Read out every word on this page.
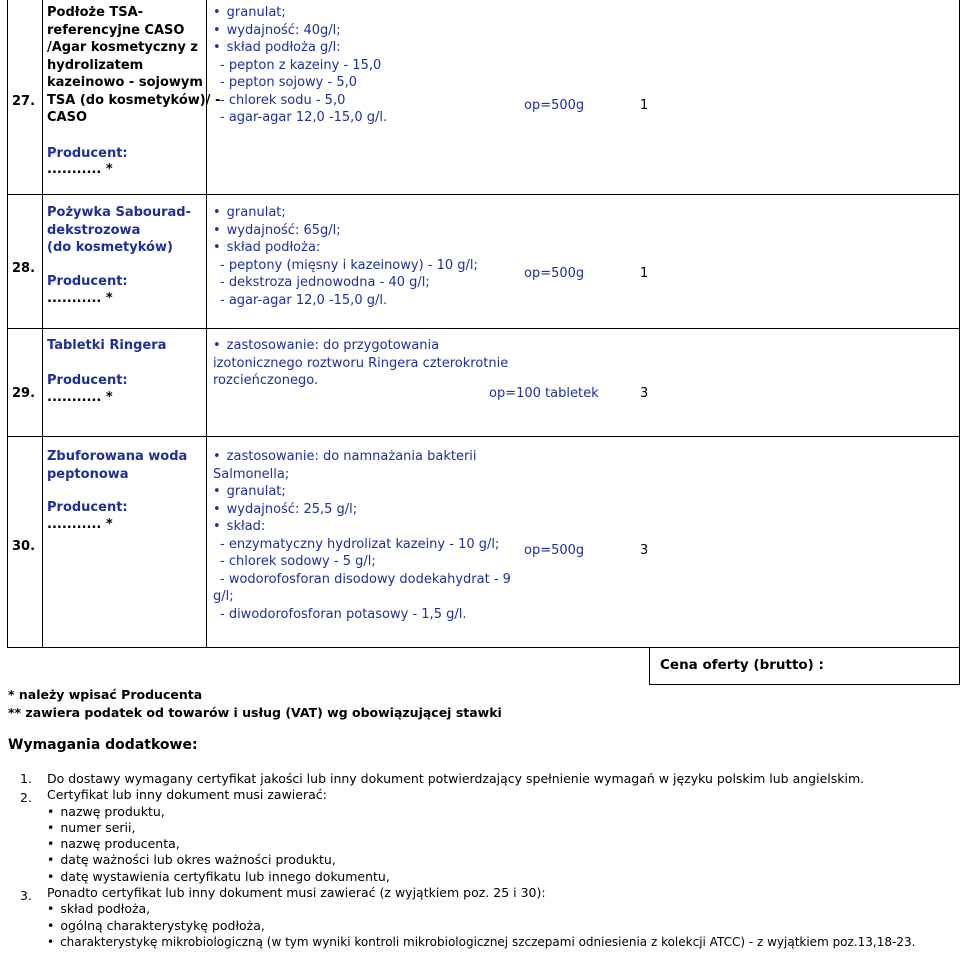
27.
Podłoże TSA-
referencyjne CASO
/Agar kosmetyczny z
hydrolizatem
kazeinowo - sojowym
TSA (do kosmetyków)/ -
CASO
Producent:
........... *
• granulat;
• wydajność: 40g/l;
• skład podłoża g/l:
- pepton z kazeiny - 15,0
- pepton sojowy - 5,0
- chlorek sodu - 5,0
- agar-agar 12,0 -15,0 g/l.
op=500g	1
28.
Pożywka Sabourad-
dekstrozowa
(do kosmetyków)
Producent:
........... *
• granulat;
• wydajność: 65g/l;
• skład podłoża:
- peptony (mięsny i kazeinowy) - 10 g/l;
- dekstroza jednowodna - 40 g/l;
- agar-agar 12,0 -15,0 g/l.
op=500g	1
29.
Tabletki Ringera
Producent:
........... *
• zastosowanie: do przygotowania
izotonicznego roztworu Ringera czterokrotnie
rozcieńczonego.
op=100 tabletek	3
30.
Zbuforowana woda
peptonowa
Producent:
........... *
• zastosowanie: do namnażania bakterii
Salmonella;
• granulat;
• wydajność: 25,5 g/l;
• skład:
- enzymatyczny hydrolizat kazeiny - 10 g/l;
- chlorek sodowy - 5 g/l;
- wodorofosforan disodowy dodekahydrat - 9
g/l;
- diwodorofosforan potasowy - 1,5 g/l.
op=500g	3
Cena oferty (brutto) :
* należy wpisać Producenta
** zawiera podatek od towarów i usług (VAT) wg obowiązującej stawki
Wymagania dodatkowe:
1. Do dostawy wymagany certyfikat jakości lub inny dokument potwierdzający spełnienie wymagań w języku polskim lub angielskim.
2. Certyfikat lub inny dokument musi zawierać:
• nazwę produktu,
• numer serii,
• nazwę producenta,
• datę ważności lub okres ważności produktu,
• datę wystawienia certyfikatu lub innego dokumentu,
3. Ponadto certyfikat lub inny dokument musi zawierać (z wyjątkiem poz. 25 i 30):
• skład podłoża,
• ogólną charakterystykę podłoża,
• charakterystykę mikrobiologiczną (w tym wyniki kontroli mikrobiologicznej szczepami odniesienia z kolekcji ATCC) - z wyjątkiem poz.13,18-23.
